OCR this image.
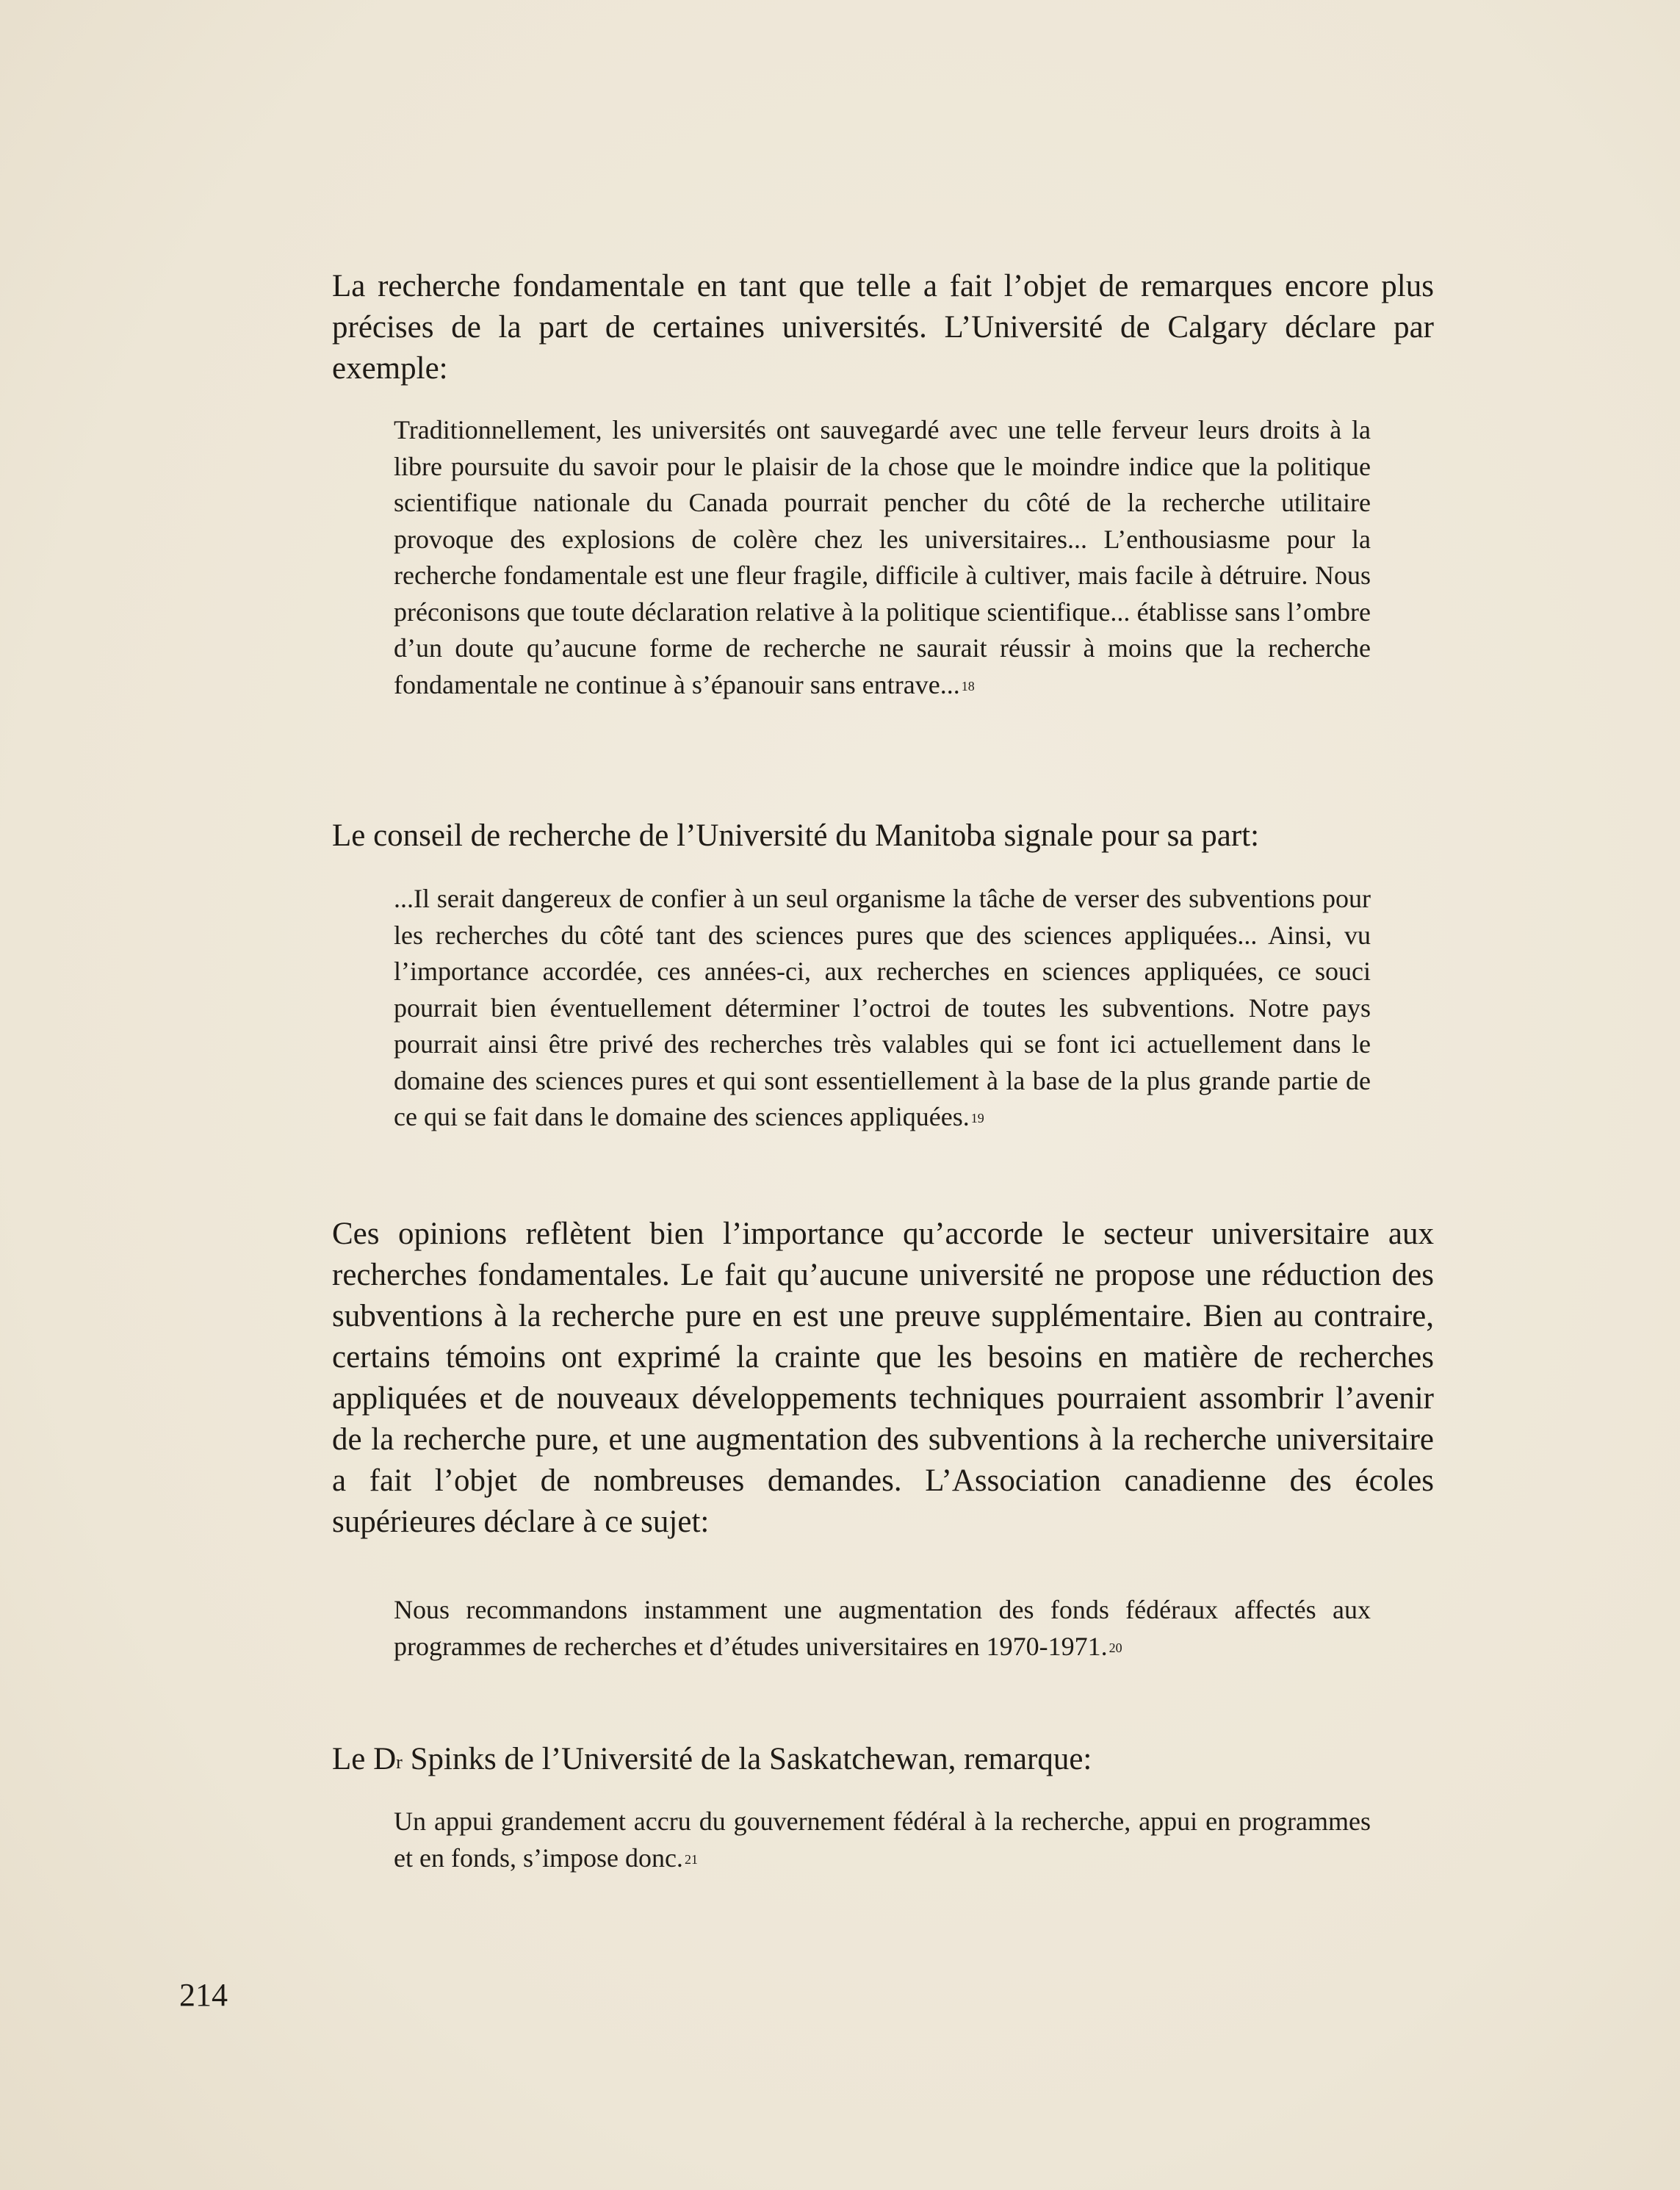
La recherche fondamentale en tant que telle a fait l’objet de remarques encore plus précises de la part de certaines universités. L’Université de Calgary déclare par exemple:

Traditionnellement, les universités ont sauvegardé avec une telle ferveur leurs droits à la libre poursuite du savoir pour le plaisir de la chose que le moindre indice que la politique scientifique nationale du Canada pourrait pencher du côté de la recherche utilitaire provoque des explosions de colère chez les universitaires... L’enthousiasme pour la recherche fondamentale est une fleur fragile, difficile à cultiver, mais facile à détruire. Nous préconisons que toute déclaration relative à la politique scientifique... établisse sans l’ombre d’un doute qu’aucune forme de recherche ne saurait réussir à moins que la recherche fondamentale ne continue à s’épanouir sans entrave... $^{18}$

Le conseil de recherche de l’Université du Manitoba signale pour sa part:

...Il serait dangereux de confier à un seul organisme la tâche de verser des subventions pour les recherches du côté tant des sciences pures que des sciences appliquées... Ainsi, vu l’importance accordée, ces années-ci, aux recherches en sciences appliquées, ce souci pourrait bien éventuellement déterminer l’octroi de toutes les subventions. Notre pays pourrait ainsi être privé des recherches très valables qui se font ici actuellement dans le domaine des sciences pures et qui sont essentiellement à la base de la plus grande partie de ce qui se fait dans le domaine des sciences appliquées. $^{19}$

Ces opinions reflètent bien l’importance qu’accorde le secteur universitaire aux recherches fondamentales. Le fait qu’aucune université ne propose une réduction des subventions à la recherche pure en est une preuve supplémentaire. Bien au contraire, certains témoins ont exprimé la crainte que les besoins en matière de recherches appliquées et de nouveaux développements techniques pourraient assombrir l’avenir de la recherche pure, et une augmentation des subventions à la recherche universitaire a fait l’objet de nombreuses demandes. L’Association canadienne des écoles supérieures déclare à ce sujet:

Nous recommandons instamment une augmentation des fonds fédéraux affectés aux programmes de recherches et d’études universitaires en 1970-1971. $^{20}$

Le $D^r$ Spinks de l’Université de la Saskatchewan, remarque:

Un appui grandement accru du gouvernement fédéral à la recherche, appui en programmes et en fonds, s’impose donc. $^{21}$

214
